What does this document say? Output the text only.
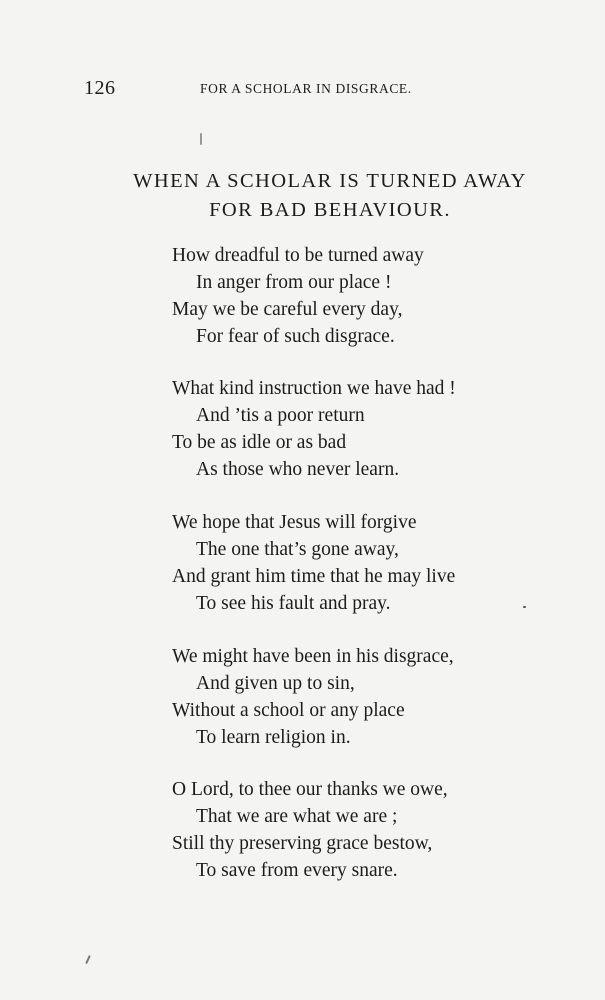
126	FOR A SCHOLAR IN DISGRACE.
WHEN A SCHOLAR IS TURNED AWAY
FOR BAD BEHAVIOUR.
How dreadful to be turned away
In anger from our place !
May we be careful every day,
For fear of such disgrace.
What kind instruction we have had !
And ’tis a poor return
To be as idle or as bad
As those who never learn.
We hope that Jesus will forgive
The one that’s gone away,
And grant him time that he may live
To see his fault and pray.
We might have been in his disgrace,
And given up to sin,
Without a school or any place
To learn religion in.
O Lord, to thee our thanks we owe,
That we are what we are ;
Still thy preserving grace bestow,
To save from every snare.
